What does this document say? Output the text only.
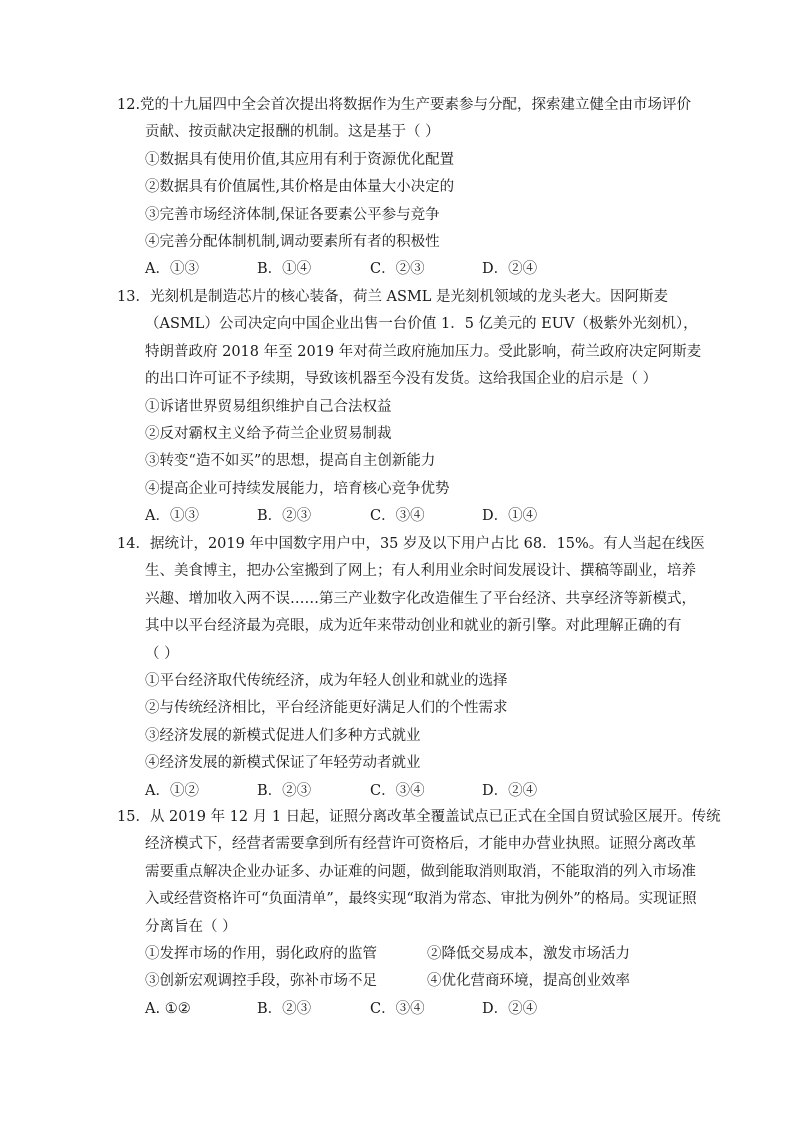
12.党的十九届四中全会首次提出将数据作为生产要素参与分配，探索建立健全由市场评价
贡献、按贡献决定报酬的机制。这是基于（ ）
①数据具有使用价值,其应用有利于资源优化配置
②数据具有价值属性,其价格是由体量大小决定的
③完善市场经济体制,保证各要素公平参与竞争
④完善分配体制机制,调动要素所有者的积极性
A．①③	B．①④	C．②③	D．②④
13．光刻机是制造芯片的核心装备，荷兰 ASML 是光刻机领域的龙头老大。因阿斯麦
（ASML）公司决定向中国企业出售一台价值 1．5 亿美元的 EUV（极紫外光刻机），
特朗普政府 2018 年至 2019 年对荷兰政府施加压力。受此影响，荷兰政府决定阿斯麦
的出口许可证不予续期，导致该机器至今没有发货。这给我国企业的启示是（ ）
①诉诸世界贸易组织维护自己合法权益
②反对霸权主义给予荷兰企业贸易制裁
③转变“造不如买”的思想，提高自主创新能力
④提高企业可持续发展能力，培育核心竞争优势
A．①③	B．②③	C．③④	D．①④
14．据统计，2019 年中国数字用户中，35 岁及以下用户占比 68．15%。有人当起在线医
生、美食博主，把办公室搬到了网上；有人利用业余时间发展设计、撰稿等副业，培养
兴趣、增加收入两不误……第三产业数字化改造催生了平台经济、共享经济等新模式，
其中以平台经济最为亮眼，成为近年来带动创业和就业的新引擎。对此理解正确的有
（ ）
①平台经济取代传统经济，成为年轻人创业和就业的选择
②与传统经济相比，平台经济能更好满足人们的个性需求
③经济发展的新模式促进人们多种方式就业
④经济发展的新模式保证了年轻劳动者就业
A．①②	B．②③	C．③④	D．②④
15．从 2019 年 12 月 1 日起，证照分离改革全覆盖试点已正式在全国自贸试验区展开。传统
经济模式下，经营者需要拿到所有经营许可资格后，才能申办营业执照。证照分离改革
需要重点解决企业办证多、办证难的问题，做到能取消则取消，不能取消的列入市场准
入或经营资格许可“负面清单”，最终实现“取消为常态、审批为例外”的格局。实现证照
分离旨在（ ）
①发挥市场的作用，弱化政府的监管	②降低交易成本，激发市场活力
③创新宏观调控手段，弥补市场不足	④优化营商环境，提高创业效率
A. ①②	B．②③	C．③④	D．②④
